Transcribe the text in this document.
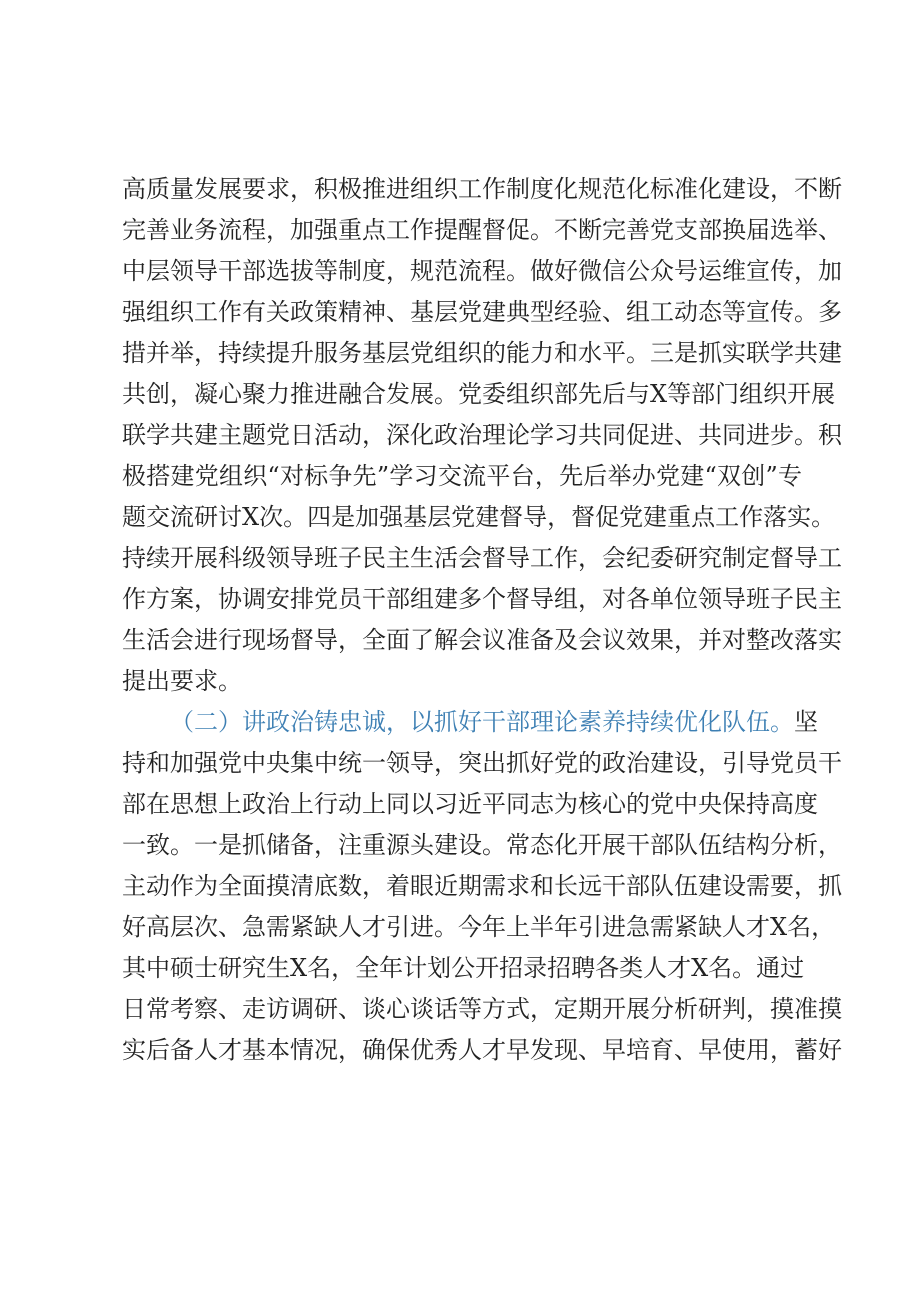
高质量发展要求，积极推进组织工作制度化规范化标准化建设，不断
完善业务流程，加强重点工作提醒督促。不断完善党支部换届选举、
中层领导干部选拔等制度，规范流程。做好微信公众号运维宣传，加
强组织工作有关政策精神、基层党建典型经验、组工动态等宣传。多
措并举，持续提升服务基层党组织的能力和水平。三是抓实联学共建
共创，凝心聚力推进融合发展。党委组织部先后与X等部门组织开展
联学共建主题党日活动，深化政治理论学习共同促进、共同进步。积
极搭建党组织“对标争先”学习交流平台，先后举办党建“双创”专
题交流研讨X次。四是加强基层党建督导，督促党建重点工作落实。
持续开展科级领导班子民主生活会督导工作，会纪委研究制定督导工
作方案，协调安排党员干部组建多个督导组，对各单位领导班子民主
生活会进行现场督导，全面了解会议准备及会议效果，并对整改落实
提出要求。
（二）讲政治铸忠诚，以抓好干部理论素养持续优化队伍。坚
持和加强党中央集中统一领导，突出抓好党的政治建设，引导党员干
部在思想上政治上行动上同以习近平同志为核心的党中央保持高度
一致。一是抓储备，注重源头建设。常态化开展干部队伍结构分析，
主动作为全面摸清底数，着眼近期需求和长远干部队伍建设需要，抓
好高层次、急需紧缺人才引进。今年上半年引进急需紧缺人才X名，
其中硕士研究生X名，全年计划公开招录招聘各类人才X名。通过
日常考察、走访调研、谈心谈话等方式，定期开展分析研判，摸准摸
实后备人才基本情况，确保优秀人才早发现、早培育、早使用，蓄好
